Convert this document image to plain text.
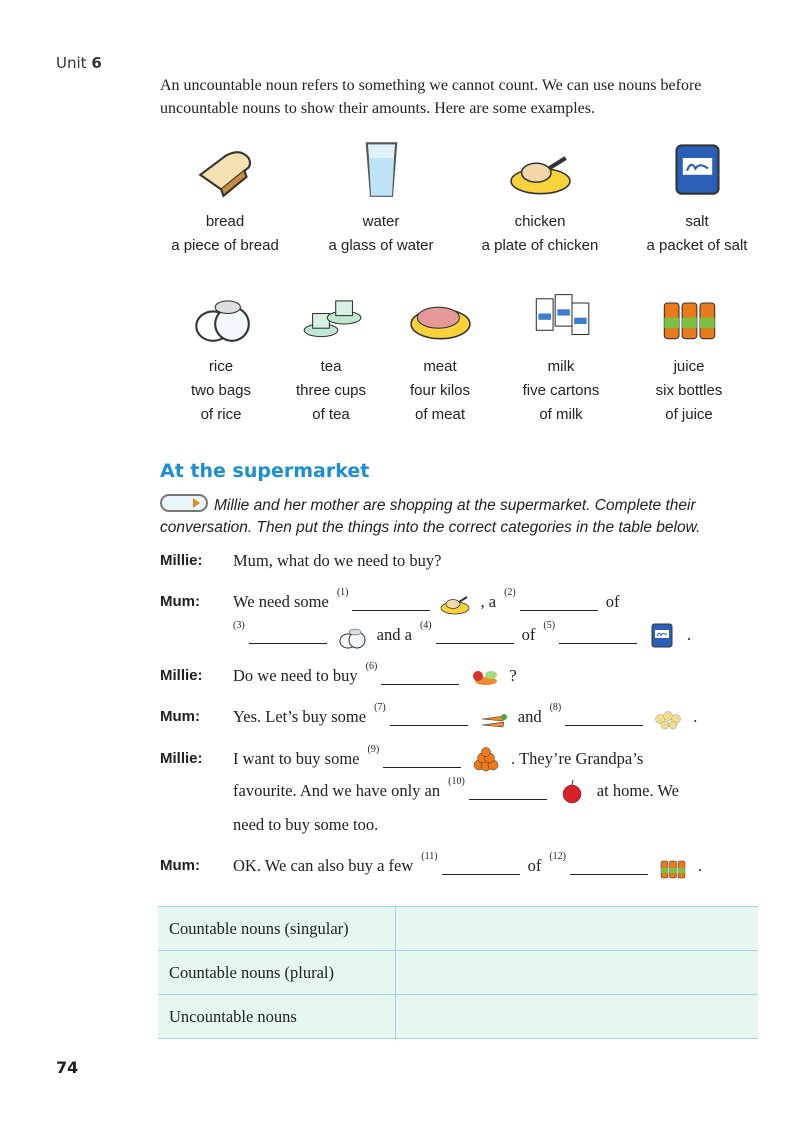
Unit 6
An uncountable noun refers to something we cannot count. We can use nouns before uncountable nouns to show their amounts. Here are some examples.
bread
a piece of bread
water
a glass of water
chicken
a plate of chicken
salt
a packet of salt
rice
two bags
of rice
tea
three cups
of tea
meat
four kilos
of meat
milk
five cartons
of milk
juice
six bottles
of juice
At the supermarket
Millie and her mother are shopping at the supermarket. Complete their conversation. Then put the things into the correct categories in the table below.
Millie:	Mum, what do we need to buy?
Mum:	We need some (1)	, a (2)	of
(3)	and a (4)	of (5)	.
Millie:	Do we need to buy (6)	?
Mum:	Yes. Let’s buy some (7)	and (8)	.
Millie:	I want to buy some (9)	. They’re Grandpa’s
favourite. And we have only an (10)	at home. We
need to buy some too.
Mum:	OK. We can also buy a few (11)	of (12)	.
Countable nouns (singular)	
Countable nouns (plural)	
Uncountable nouns	
74
